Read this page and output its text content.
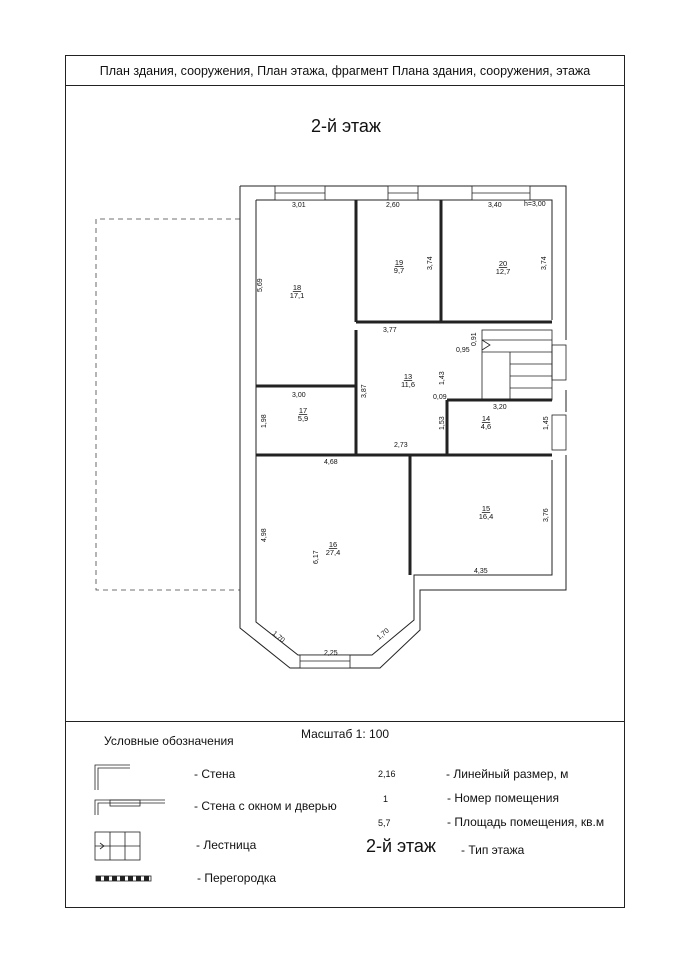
План здания, сооружения, План этажа, фрагмент Плана здания, сооружения, этажа
2-й этаж
Условные обозначения	Масштаб 1: 100
- Стена
- Стена с окном и дверью
- Лестница
- Перегородка
2,16	- Линейный размер, м
1	- Номер помещения
5,7	- Площадь помещения, кв.м
2-й этаж - Тип этажа
3,01	2,60	3,40	h=3,00
5,69
3,74	3,74
3,77
0,91
0,95
3,87
1,43
0,09
3,00
1,98
3,20
1,53	1,45
2,73
4,68
4,98
6,17
3,76
4,35
1,70	1,70
2,25
18
17,1
19
9,7
20
12,7
13
11,6
17
5,9	14
4,6
16
27,4
15
16,4
